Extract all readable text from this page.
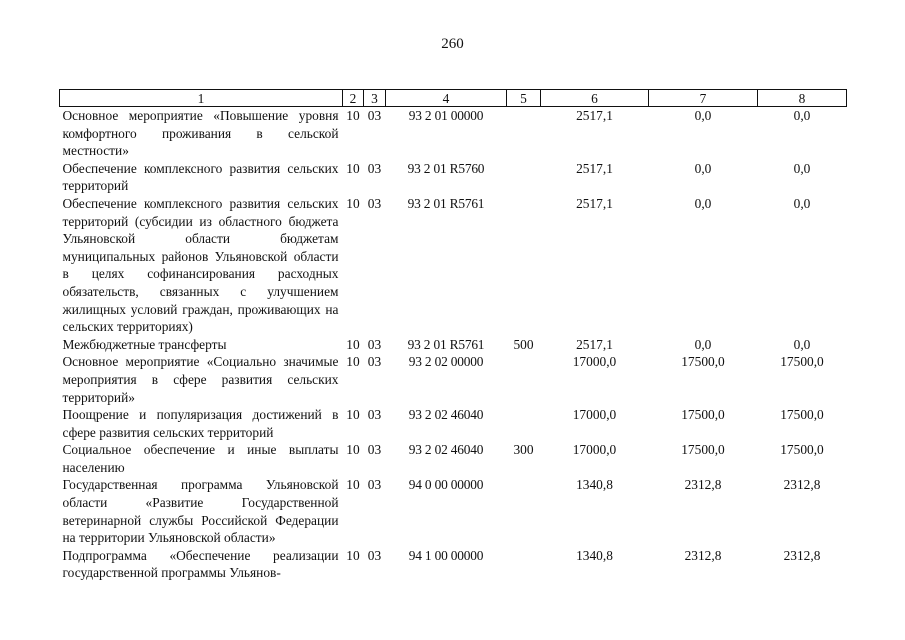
260
1	2	3	4	5	6	7	8
Основное мероприятие «Повышение уровня комфортного проживания в сельской местности»	10	03	93 2 01 00000		2517,1	0,0	0,0
Обеспечение комплексного развития сельских территорий	10	03	93 2 01 R5760		2517,1	0,0	0,0
Обеспечение комплексного развития сельских территорий (субсидии из областного бюджета Ульяновской области бюджетам муниципальных районов Ульяновской области в целях софинансирования расходных обязательств, связанных с улучшением жилищных условий граждан, проживающих на сельских территориях)	10	03	93 2 01 R5761		2517,1	0,0	0,0
Межбюджетные трансферты	10	03	93 2 01 R5761	500	2517,1	0,0	0,0
Основное мероприятие «Социально значимые мероприятия в сфере развития сельских территорий»	10	03	93 2 02 00000		17000,0	17500,0	17500,0
Поощрение и популяризация достижений в сфере развития сельских территорий	10	03	93 2 02 46040		17000,0	17500,0	17500,0
Социальное обеспечение и иные выплаты населению	10	03	93 2 02 46040	300	17000,0	17500,0	17500,0
Государственная программа Ульяновской области «Развитие Государственной ветеринарной службы Российской Федерации на территории Ульяновской области»	10	03	94 0 00 00000		1340,8	2312,8	2312,8
Подпрограмма «Обеспечение реализации государственной программы Ульянов-	10	03	94 1 00 00000		1340,8	2312,8	2312,8
